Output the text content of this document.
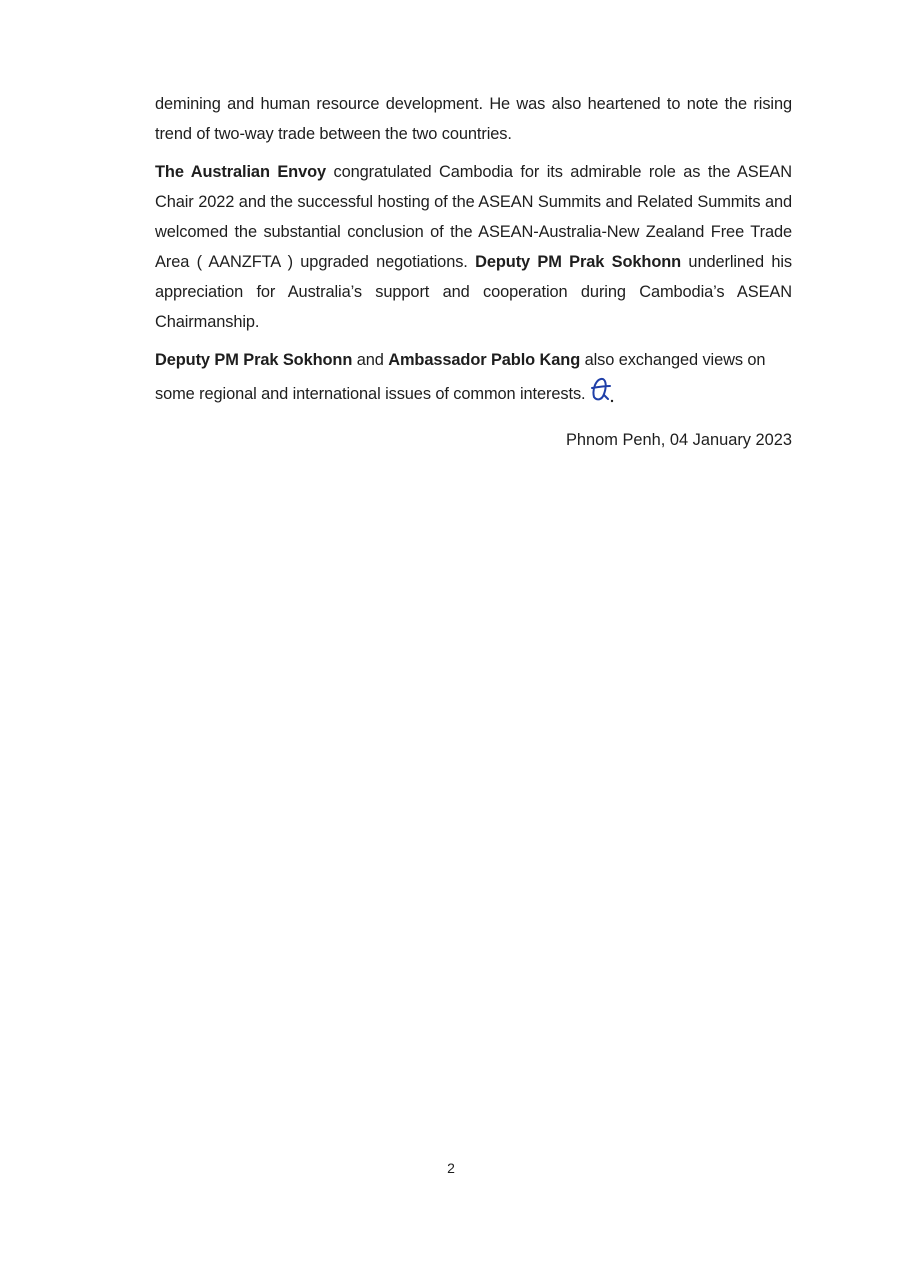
demining and human resource development. He was also heartened to note the rising trend of two-way trade between the two countries.

The Australian Envoy congratulated Cambodia for its admirable role as the ASEAN Chair 2022 and the successful hosting of the ASEAN Summits and Related Summits and welcomed the substantial conclusion of the ASEAN-Australia-New Zealand Free Trade Area ( AANZFTA ) upgraded negotiations. Deputy PM Prak Sokhonn underlined his appreciation for Australia’s support and cooperation during Cambodia’s ASEAN Chairmanship.

Deputy PM Prak Sokhonn and Ambassador Pablo Kang also exchanged views on some regional and international issues of common interests.

Phnom Penh, 04 January 2023
2
